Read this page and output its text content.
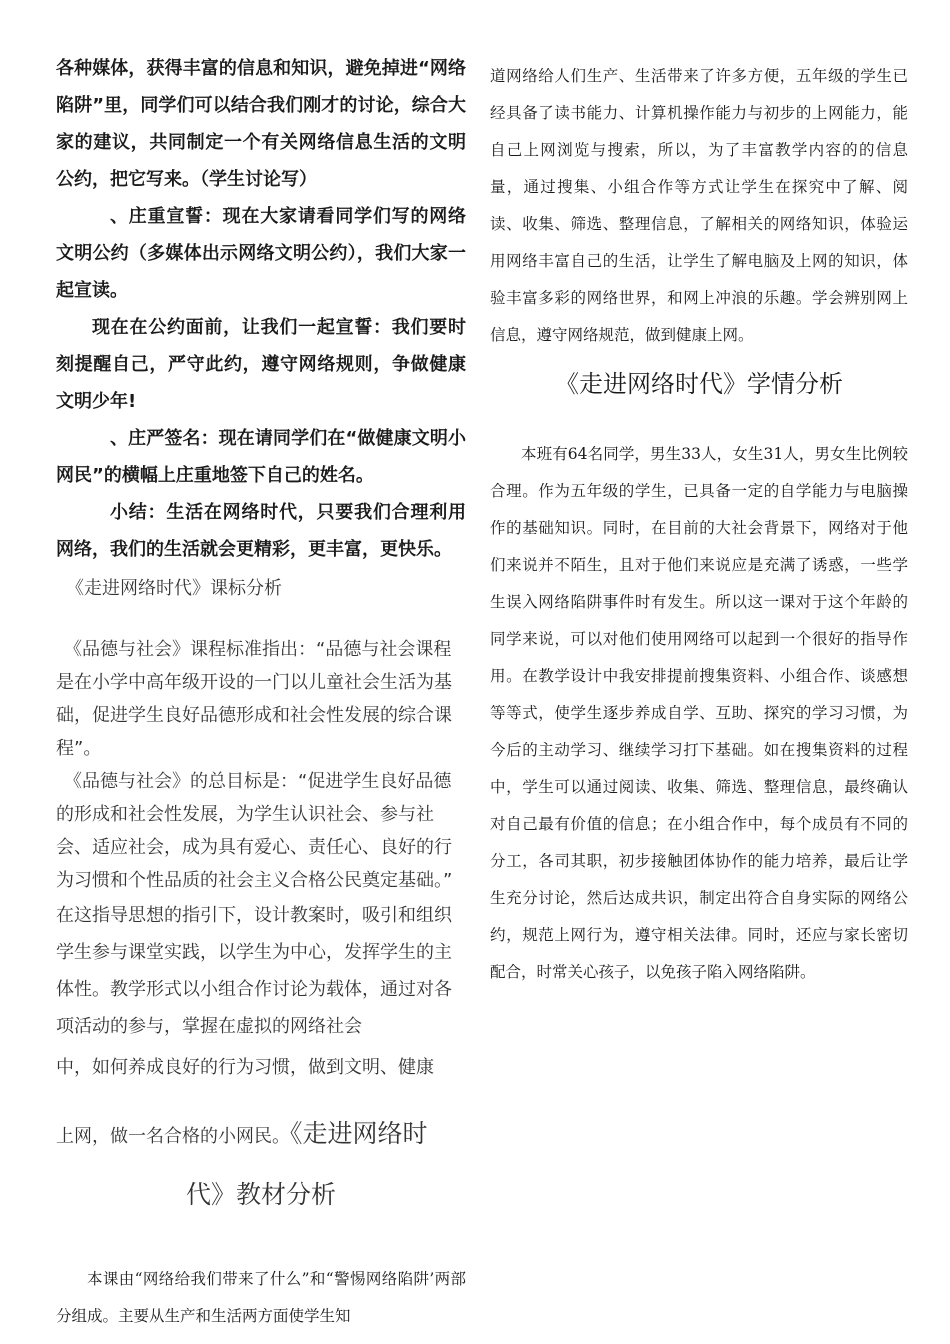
各种媒体，获得丰富的信息和知识，避免掉进“网络陷阱”里，同学们可以结合我们刚才的讨论，综合大家的建议，共同制定一个有关网络信息生活的文明公约，把它写来。（学生讨论写）

、庄重宣誓：现在大家请看同学们写的网络文明公约（多媒体出示网络文明公约），我们大家一起宣读。

现在在公约面前，让我们一起宣誓：我们要时刻提醒自己，严守此约，遵守网络规则，争做健康文明少年!

、庄严签名：现在请同学们在“做健康文明小网民”的横幅上庄重地签下自己的姓名。

小结：生活在网络时代，只要我们合理利用网络，我们的生活就会更精彩，更丰富，更快乐。

《走进网络时代》课标分析

《品德与社会》课程标准指出：“品德与社会课程是在小学中高年级开设的一门以儿童社会生活为基础，促进学生良好品德形成和社会性发展的综合课程”。

《品德与社会》的总目标是：“促进学生良好品德的形成和社会性发展，为学生认识社会、参与社会、适应社会，成为具有爱心、责任心、良好的行为习惯和个性品质的社会主义合格公民奠定基础。”

在这指导思想的指引下，设计教案时，吸引和组织学生参与课堂实践，以学生为中心，发挥学生的主体性。教学形式以小组合作讨论为载体，通过对各项活动的参与，掌握在虚拟的网络社会

中，如何养成良好的行为习惯，做到文明、健康

上网，做一名合格的小网民。《走进网络时

代》教材分析

本课由“网络给我们带来了什么”和“警惕网络陷阱’两部分组成。主要从生产和生活两方面使学生知

道网络给人们生产、生活带来了许多方便，五年级的学生已经具备了读书能力、计算机操作能力与初步的上网能力，能自己上网浏览与搜索，所以，为了丰富教学内容的的信息量，通过搜集、小组合作等方式让学生在探究中了解、阅读、收集、筛选、整理信息，了解相关的网络知识，体验运用网络丰富自己的生活，让学生了解电脑及上网的知识，体验丰富多彩的网络世界，和网上冲浪的乐趣。学会辨别网上信息，遵守网络规范，做到健康上网。

《走进网络时代》学情分析

本班有64名同学，男生33人，女生31人，男女生比例较合理。作为五年级的学生，已具备一定的自学能力与电脑操作的基础知识。同时，在目前的大社会背景下，网络对于他们来说并不陌生，且对于他们来说应是充满了诱惑，一些学生误入网络陷阱事件时有发生。所以这一课对于这个年龄的同学来说，可以对他们使用网络可以起到一个很好的指导作用。在教学设计中我安排提前搜集资料、小组合作、谈感想等等式，使学生逐步养成自学、互助、探究的学习习惯，为今后的主动学习、继续学习打下基础。如在搜集资料的过程中，学生可以通过阅读、收集、筛选、整理信息，最终确认对自己最有价值的信息；在小组合作中，每个成员有不同的分工，各司其职，初步接触团体协作的能力培养，最后让学生充分讨论，然后达成共识，制定出符合自身实际的网络公约，规范上网行为，遵守相关法律。同时，还应与家长密切配合，时常关心孩子，以免孩子陷入网络陷阱。
